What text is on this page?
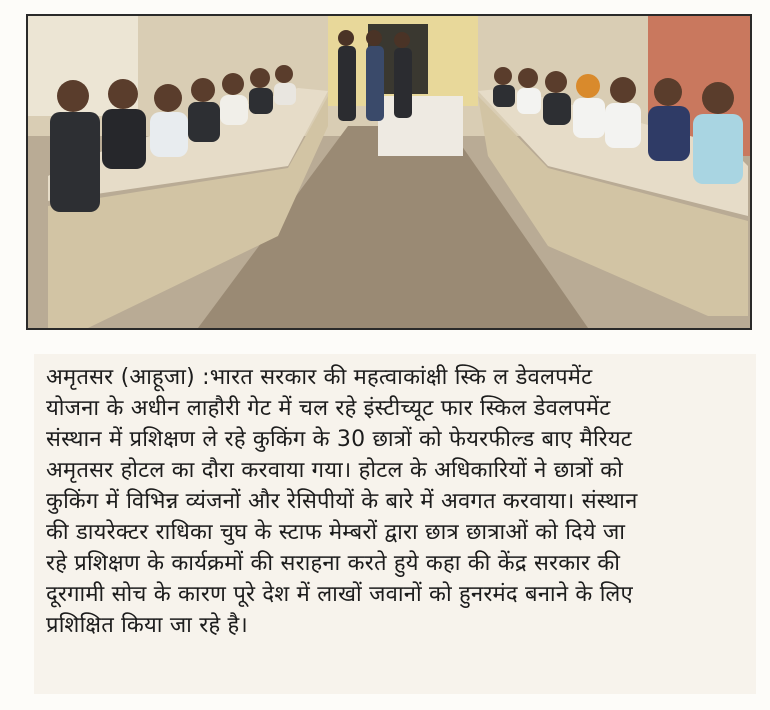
अमृतसर (आहूजा) :भारत सरकार की महत्वाकांक्षी स्कि ल डेवलपमेंट
योजना के अधीन लाहौरी गेट में चल रहे इंस्टीच्यूट फार स्किल डेवलपमेंट
संस्थान में प्रशिक्षण ले रहे कुकिंग के 30 छात्रों को फेयरफील्ड बाए मैरियट
अमृतसर होटल का दौरा करवाया गया। होटल के अधिकारियों ने छात्रों को
कुकिंग में विभिन्न व्यंजनों और रेसिपीयों के बारे में अवगत करवाया। संस्थान
की डायरेक्टर राधिका चुघ के स्टाफ मेम्बरों द्वारा छात्र छात्राओं को दिये जा
रहे प्रशिक्षण के कार्यक्रमों की सराहना करते हुये कहा की केंद्र सरकार की
दूरगामी सोच के कारण पूरे देश में लाखों जवानों को हुनरमंद बनाने के लिए
प्रशिक्षित किया जा रहे है।
